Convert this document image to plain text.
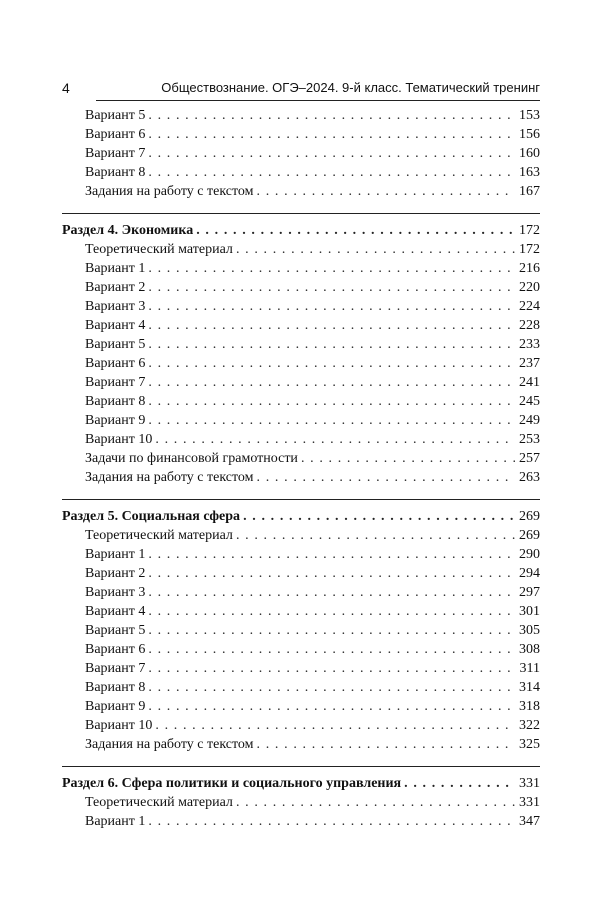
4	Обществознание. ОГЭ–2024. 9-й класс. Тематический тренинг
Вариант 5 . . .	153
Вариант 6 . . .	156
Вариант 7 . . .	160
Вариант 8 . . .	163
Задания на работу с текстом . . .	167
Раздел 4. Экономика . . .	172
Теоретический материал . . .	172
Вариант 1 . . .	216
Вариант 2 . . .	220
Вариант 3 . . .	224
Вариант 4 . . .	228
Вариант 5 . . .	233
Вариант 6 . . .	237
Вариант 7 . . .	241
Вариант 8 . . .	245
Вариант 9 . . .	249
Вариант 10 . . .	253
Задачи по финансовой грамотности . . .	257
Задания на работу с текстом . . .	263
Раздел 5. Социальная сфера . . .	269
Теоретический материал . . .	269
Вариант 1 . . .	290
Вариант 2 . . .	294
Вариант 3 . . .	297
Вариант 4 . . .	301
Вариант 5 . . .	305
Вариант 6 . . .	308
Вариант 7 . . .	311
Вариант 8 . . .	314
Вариант 9 . . .	318
Вариант 10 . . .	322
Задания на работу с текстом . . .	325
Раздел 6. Сфера политики и социального управления . . .	331
Теоретический материал . . .	331
Вариант 1 . . .	347
